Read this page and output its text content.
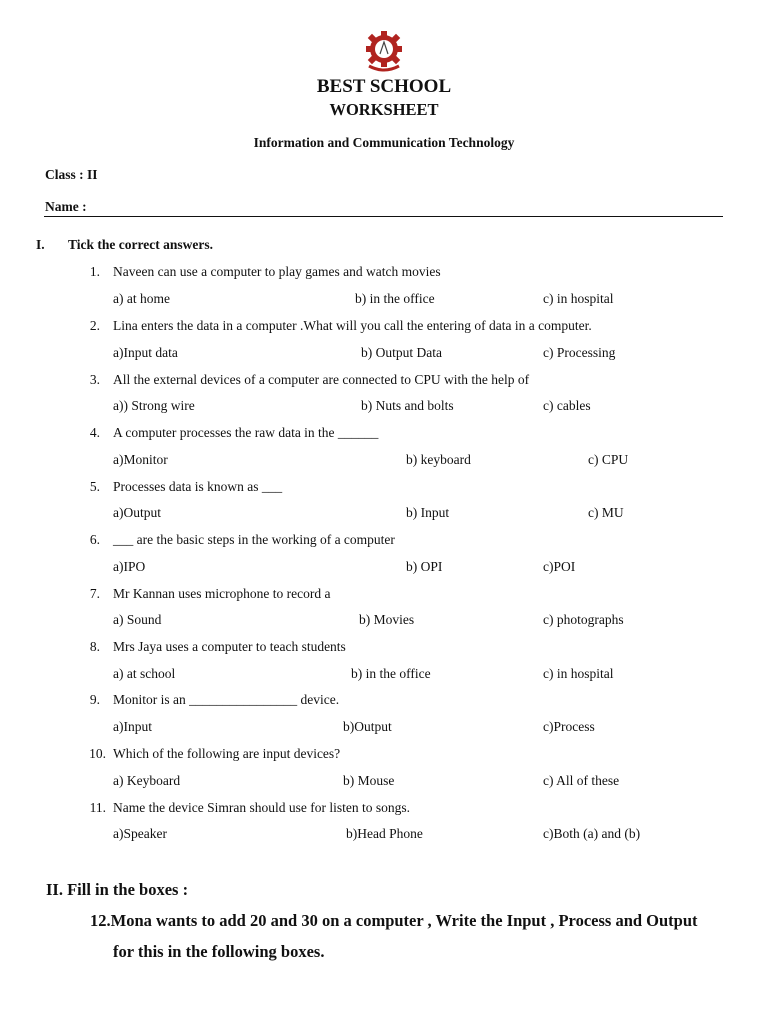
BEST SCHOOL
WORKSHEET
Information and Communication Technology
Class : II
Name :
I. Tick the correct answers.
1. Naveen can use a computer to play games and watch movies
a) at home	b) in the office	c) in hospital
2. Lina enters the data in a computer .What will you call the entering of data in a computer.
a)Input data	b) Output Data	c) Processing
3. All the external devices of a computer are connected to CPU with the help of
a)) Strong wire	b) Nuts and bolts	c) cables
4. A computer processes the raw data in the ______
a)Monitor	b) keyboard	c) CPU
5. Processes data is known as ___
a)Output	b) Input	c) MU
6. ___ are the basic steps in the working of a computer
a)IPO	b) OPI	c)POI
7. Mr Kannan uses microphone to record a
a) Sound	b) Movies	c) photographs
8. Mrs Jaya uses a computer to teach students
a) at school	b) in the office	c) in hospital
9. Monitor is an ________________ device.
a)Input	b)Output	c)Process
10. Which of the following are input devices?
a) Keyboard	b) Mouse	c) All of these
11. Name the device Simran should use for listen to songs.
a)Speaker	b)Head Phone	c)Both (a) and (b)
II. Fill in the boxes :
12.Mona wants to add 20 and 30 on a computer , Write the Input , Process and Output
for this in the following boxes.
